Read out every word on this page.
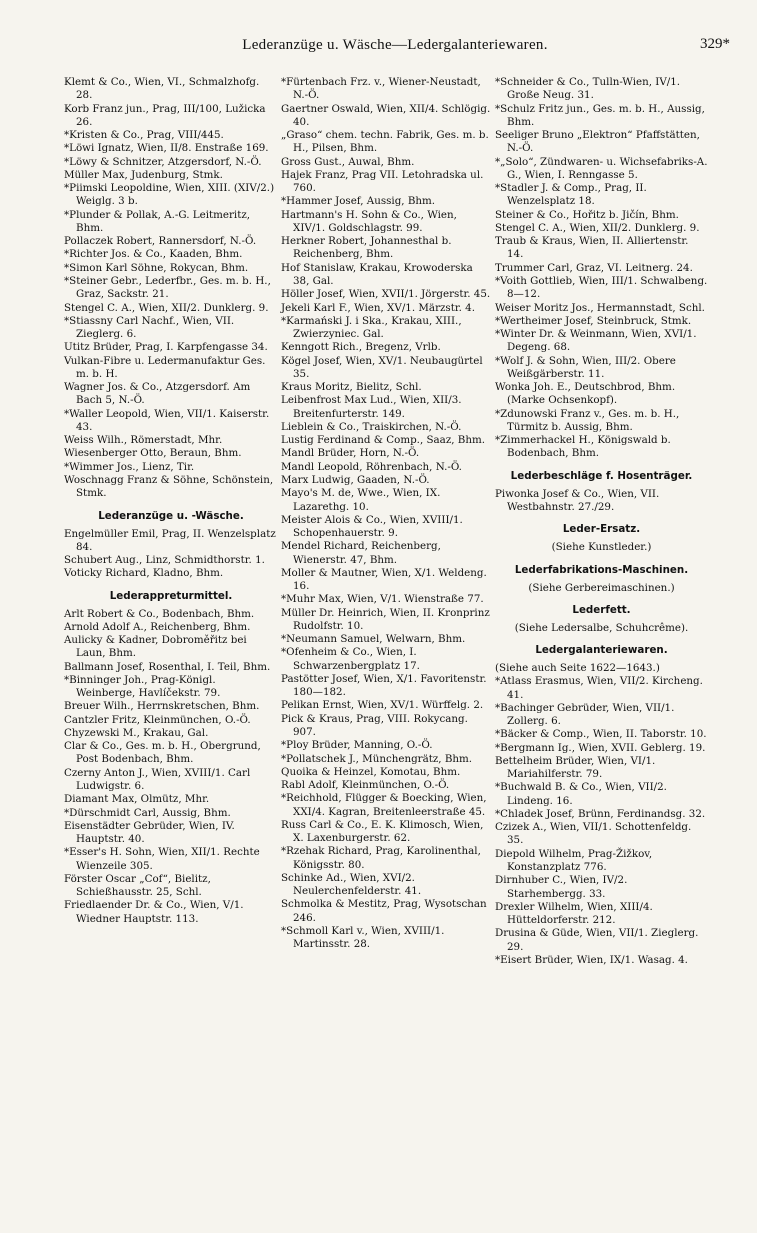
Lederanzüge u. Wäsche—Ledergalanteriewaren.	329*

Klemt & Co., Wien, VI., Schmalzhofg. 28.

Korb Franz jun., Prag, III/100, Lužicka 26.

*Kristen & Co., Prag, VIII/445.

*Löwi Ignatz, Wien, II/8. Enstraße 169.

*Löwy & Schnitzer, Atzgersdorf, N.-Ö.

Müller Max, Judenburg, Stmk.

*Piimski Leopoldine, Wien, XIII. (XIV/2.) Weiglg. 3 b.

*Plunder & Pollak, A.-G. Leitmeritz, Bhm.

Pollaczek Robert, Rannersdorf, N.-Ö.

*Richter Jos. & Co., Kaaden, Bhm.

*Simon Karl Söhne, Rokycan, Bhm.

*Steiner Gebr., Lederfbr., Ges. m. b. H., Graz, Sackstr. 21.

Stengel C. A., Wien, XII/2. Dunklerg. 9.

*Stiassny Carl Nachf., Wien, VII. Zieglerg. 6.

Utitz Brüder, Prag, I. Karpfengasse 34.

Vulkan-Fibre u. Ledermanufaktur Ges. m. b. H.

Wagner Jos. & Co., Atzgersdorf. Am Bach 5, N.-Ö.

*Waller Leopold, Wien, VII/1. Kaiserstr. 43.

Weiss Wilh., Römerstadt, Mhr.

Wiesenberger Otto, Beraun, Bhm.

*Wimmer Jos., Lienz, Tir.

Woschnagg Franz & Söhne, Schönstein, Stmk.

Lederanzüge u. -Wäsche.

Engelmüller Emil, Prag, II. Wenzelsplatz 84.

Schubert Aug., Linz, Schmidthorstr. 1.

Voticky Richard, Kladno, Bhm.

Lederappreturmittel.

Arlt Robert & Co., Bodenbach, Bhm.

Arnold Adolf A., Reichenberg, Bhm.

Aulicky & Kadner, Dobroměřitz bei Laun, Bhm.

Ballmann Josef, Rosenthal, I. Teil, Bhm.

*Binninger Joh., Prag-Königl. Weinberge, Havlíčekstr. 79.

Breuer Wilh., Herrnskretschen, Bhm.

Cantzler Fritz, Kleinmünchen, O.-Ö.

Chyzewski M., Krakau, Gal.

Clar & Co., Ges. m. b. H., Obergrund, Post Bodenbach, Bhm.

Czerny Anton J., Wien, XVIII/1. Carl Ludwigstr. 6.

Diamant Max, Olmütz, Mhr.

*Dürschmidt Carl, Aussig, Bhm.

Eisenstädter Gebrüder, Wien, IV. Hauptstr. 40.

*Esser's H. Sohn, Wien, XII/1. Rechte Wienzeile 305.

Förster Oscar „Cof“, Bielitz, Schießhausstr. 25, Schl.

Friedlaender Dr. & Co., Wien, V/1. Wiedner Hauptstr. 113.

*Fürtenbach Frz. v., Wiener-Neustadt, N.-Ö.

Gaertner Oswald, Wien, XII/4. Schlögig. 40.

„Graso“ chem. techn. Fabrik, Ges. m. b. H., Pilsen, Bhm.

Gross Gust., Auwal, Bhm.

Hajek Franz, Prag VII. Letohradska ul. 760.

*Hammer Josef, Aussig, Bhm.

Hartmann's H. Sohn & Co., Wien, XIV/1. Goldschlagstr. 99.

Herkner Robert, Johannesthal b. Reichenberg, Bhm.

Hof Stanislaw, Krakau, Krowoderska 38, Gal.

Höller Josef, Wien, XVII/1. Jörgerstr. 45.

Jekeli Karl F., Wien, XV/1. Märzstr. 4.

*Karmański J. i Ska., Krakau, XIII., Zwierzyniec. Gal.

Kenngott Rich., Bregenz, Vrlb.

Kögel Josef, Wien, XV/1. Neubaugürtel 35.

Kraus Moritz, Bielitz, Schl.

Leibenfrost Max Lud., Wien, XII/3. Breitenfurterstr. 149.

Lieblein & Co., Traiskirchen, N.-Ö.

Lustig Ferdinand & Comp., Saaz, Bhm.

Mandl Brüder, Horn, N.-Ö.

Mandl Leopold, Röhrenbach, N.-Ö.

Marx Ludwig, Gaaden, N.-Ö.

Mayo's M. de, Wwe., Wien, IX. Lazarethg. 10.

Meister Alois & Co., Wien, XVIII/1. Schopenhauerstr. 9.

Mendel Richard, Reichenberg, Wienerstr. 47, Bhm.

Moller & Mautner, Wien, X/1. Weldeng. 16.

*Muhr Max, Wien, V/1. Wienstraße 77.

Müller Dr. Heinrich, Wien, II. Kronprinz Rudolfstr. 10.

*Neumann Samuel, Welwarn, Bhm.

*Ofenheim & Co., Wien, I. Schwarzenbergplatz 17.

Pastötter Josef, Wien, X/1. Favoritenstr. 180—182.

Pelikan Ernst, Wien, XV/1. Würffelg. 2.

Pick & Kraus, Prag, VIII. Rokycang. 907.

*Ploy Brüder, Manning, O.-Ö.

*Pollatschek J., Münchengrätz, Bhm.

Quoika & Heinzel, Komotau, Bhm.

Rabl Adolf, Kleinmünchen, O.-Ö.

*Reichhold, Flügger & Boecking, Wien, XXI/4. Kagran, Breitenleerstraße 45.

Russ Carl & Co., E. K. Klimosch, Wien, X. Laxenburgerstr. 62.

*Rzehak Richard, Prag, Karolinenthal, Königsstr. 80.

Schinke Ad., Wien, XVI/2. Neulerchenfelderstr. 41.

Schmolka & Mestitz, Prag, Wysotschan 246.

*Schmoll Karl v., Wien, XVIII/1. Martinsstr. 28.

*Schneider & Co., Tulln-Wien, IV/1. Große Neug. 31.

*Schulz Fritz jun., Ges. m. b. H., Aussig, Bhm.

Seeliger Bruno „Elektron“ Pfaffstätten, N.-Ö.

*„Solo“, Zündwaren- u. Wichsefabriks-A. G., Wien, I. Renngasse 5.

*Stadler J. & Comp., Prag, II. Wenzelsplatz 18.

Steiner & Co., Hořitz b. Jičín, Bhm.

Stengel C. A., Wien, XII/2. Dunklerg. 9.

Traub & Kraus, Wien, II. Alliertenstr. 14.

Trummer Carl, Graz, VI. Leitnerg. 24.

*Voith Gottlieb, Wien, III/1. Schwalbeng. 8—12.

Weiser Moritz Jos., Hermannstadt, Schl.

*Wertheimer Josef, Steinbruck, Stmk.

*Winter Dr. & Weinmann, Wien, XVI/1. Degeng. 68.

*Wolf J. & Sohn, Wien, III/2. Obere Weißgärberstr. 11.

Wonka Joh. E., Deutschbrod, Bhm. (Marke Ochsenkopf).

*Zdunowski Franz v., Ges. m. b. H., Türmitz b. Aussig, Bhm.

*Zimmerhackel H., Königswald b. Bodenbach, Bhm.

Lederbeschläge f. Hosenträger.

Piwonka Josef & Co., Wien, VII. Westbahnstr. 27./29.

Leder-Ersatz.
(Siehe Kunstleder.)
Lederfabrikations-Maschinen.
(Siehe Gerbereimaschinen.)
Lederfett.
(Siehe Ledersalbe, Schuhcrême).
Ledergalanteriewaren.

(Siehe auch Seite 1622—1643.)

*Atlass Erasmus, Wien, VII/2. Kircheng. 41.

*Bachinger Gebrüder, Wien, VII/1. Zollerg. 6.

*Bäcker & Comp., Wien, II. Taborstr. 10.

*Bergmann Ig., Wien, XVII. Geblerg. 19.

Bettelheim Brüder, Wien, VI/1. Mariahilferstr. 79.

*Buchwald B. & Co., Wien, VII/2. Lindeng. 16.

*Chladek Josef, Brünn, Ferdinandsg. 32.

Czizek A., Wien, VII/1. Schottenfeldg. 35.

Diepold Wilhelm, Prag-Žižkov, Konstanzplatz 776.

Dirnhuber C., Wien, IV/2. Starhembergg. 33.

Drexler Wilhelm, Wien, XIII/4. Hütteldorferstr. 212.

Drusina & Güde, Wien, VII/1. Zieglerg. 29.

*Eisert Brüder, Wien, IX/1. Wasag. 4.
